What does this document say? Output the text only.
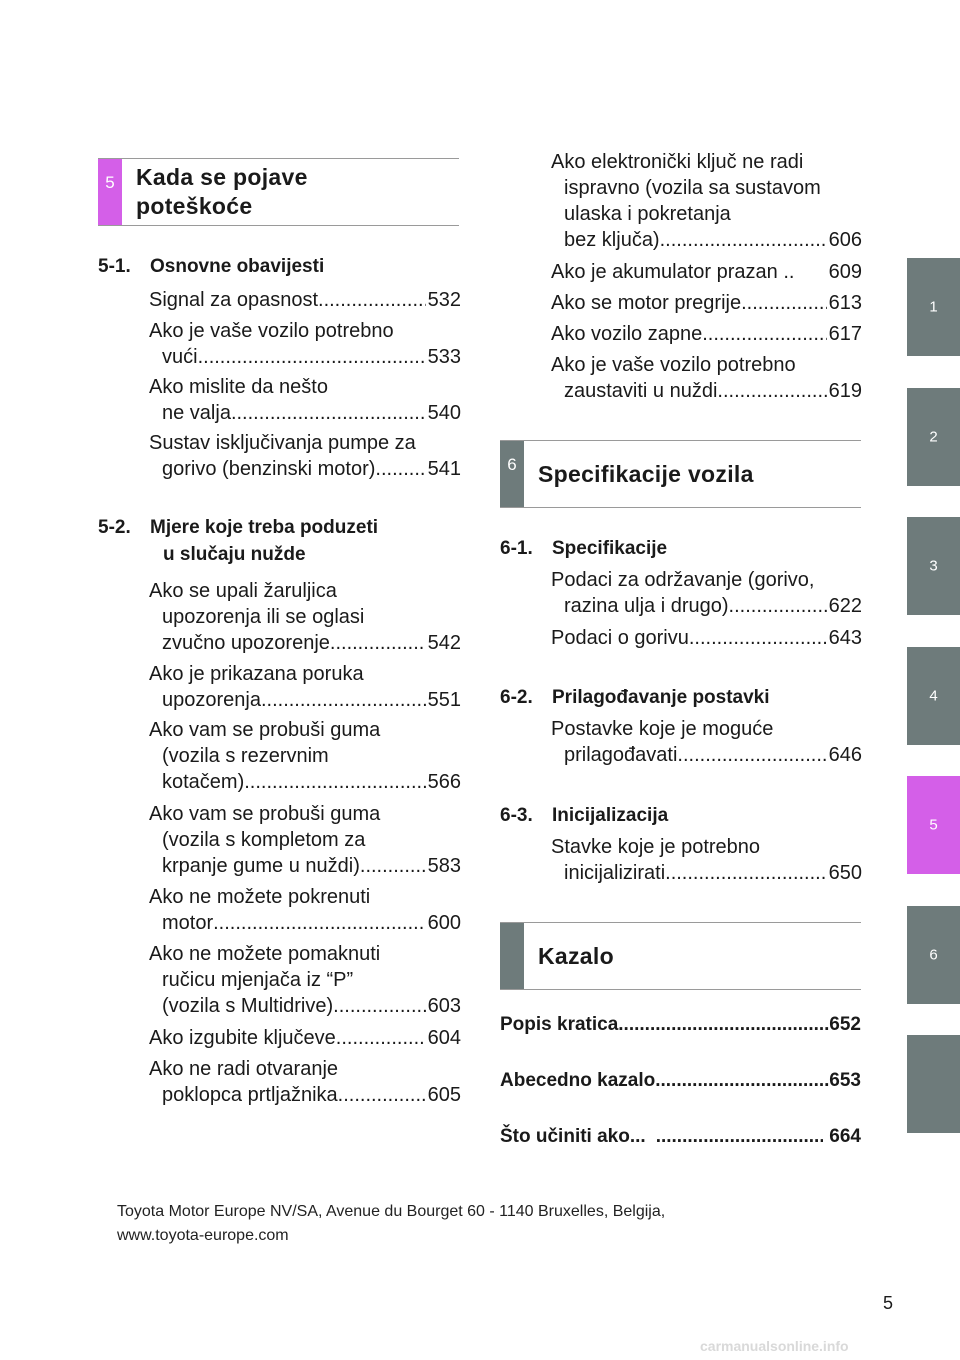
5 Kada se pojave
poteškoće
5-1. Osnovne obavijesti
Signal za opasnost .....	532
Ako je vaše vozilo potrebno
vući .....	533
Ako mislite da nešto
ne valja .....	540
Sustav isključivanja pumpe za
gorivo (benzinski motor) .....	541
5-2. Mjere koje treba poduzeti
u slučaju nužde
Ako se upali žaruljica
upozorenja ili se oglasi
zvučno upozorenje... .....	542
Ako je prikazana poruka
upozorenja .....	551
Ako vam se probuši guma
(vozila s rezervnim
kotačem) .....	566
Ako vam se probuši guma
(vozila s kompletom za
krpanje gume u nuždi) .....	583
Ako ne možete pokrenuti
motor .....	600
Ako ne možete pomaknuti
ručicu mjenjača iz “P”
(vozila s Multidrive) .....	603
Ako izgubite ključeve .....	604
Ako ne radi otvaranje
poklopca prtljažnika .....	605
Ako elektronički ključ ne radi
ispravno (vozila sa sustavom
ulaska i pokretanja
bez ključa) .....	606
Ako je akumulator prazan .. 609
Ako se motor pregrije .....	613
Ako vozilo zapne .....	617
Ako je vaše vozilo potrebno
zaustaviti u nuždi .....	619
6 Specifikacije vozila
6-1. Specifikacije
Podaci za održavanje (gorivo,
razina ulja i drugo) .....	622
Podaci o gorivu .....	643
6-2. Prilagođavanje postavki
Postavke koje je moguće
prilagođavati .....	646
6-3. Inicijalizacija
Stavke koje je potrebno
inicijalizirati .....	650
Kazalo
Popis kratica .....	652
Abecedno kazalo .....	653
Što učiniti ako... .....	664
1
2
3
4
5
6
Toyota Motor Europe NV/SA, Avenue du Bourget 60 - 1140 Bruxelles, Belgija,
www.toyota-europe.com
5
carmanualsonline.info
